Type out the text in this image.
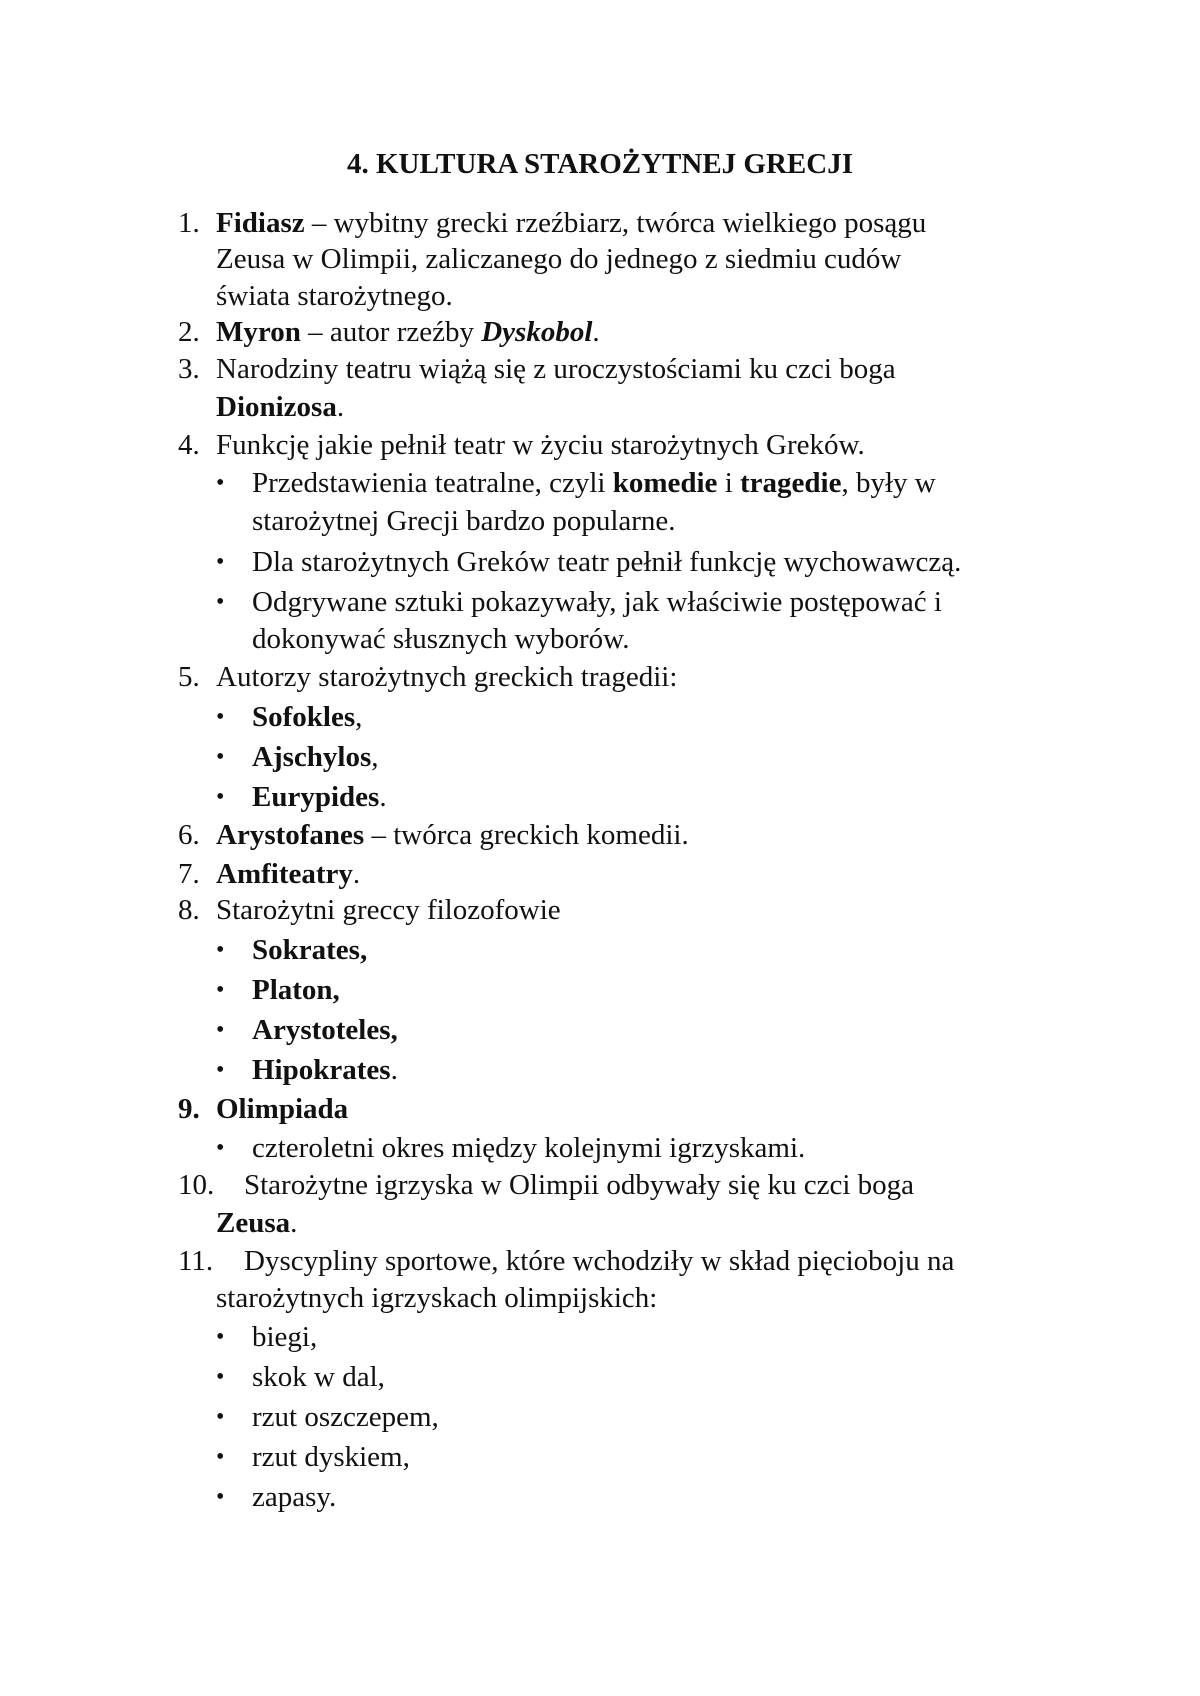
4. KULTURA STAROŻYTNEJ GRECJI
1. Fidiasz – wybitny grecki rzeźbiarz, twórca wielkiego posągu
Zeusa w Olimpii, zaliczanego do jednego z siedmiu cudów
świata starożytnego.
2. Myron – autor rzeźby Dyskobol.
3. Narodziny teatru wiążą się z uroczystościami ku czci boga
Dionizosa.
4. Funkcję jakie pełnił teatr w życiu starożytnych Greków.
• Przedstawienia teatralne, czyli komedie i tragedie, były w
starożytnej Grecji bardzo popularne.
• Dla starożytnych Greków teatr pełnił funkcję wychowawczą.
• Odgrywane sztuki pokazywały, jak właściwie postępować i
dokonywać słusznych wyborów.
5. Autorzy starożytnych greckich tragedii:
• Sofokles,
• Ajschylos,
• Eurypides.
6. Arystofanes – twórca greckich komedii.
7. Amfiteatry.
8. Starożytni greccy filozofowie
• Sokrates,
• Platon,
• Arystoteles,
• Hipokrates.
9. Olimpiada
• czteroletni okres między kolejnymi igrzyskami.
10. Starożytne igrzyska w Olimpii odbywały się ku czci boga
Zeusa.
11. Dyscypliny sportowe, które wchodziły w skład pięcioboju na
starożytnych igrzyskach olimpijskich:
• biegi,
• skok w dal,
• rzut oszczepem,
• rzut dyskiem,
• zapasy.
